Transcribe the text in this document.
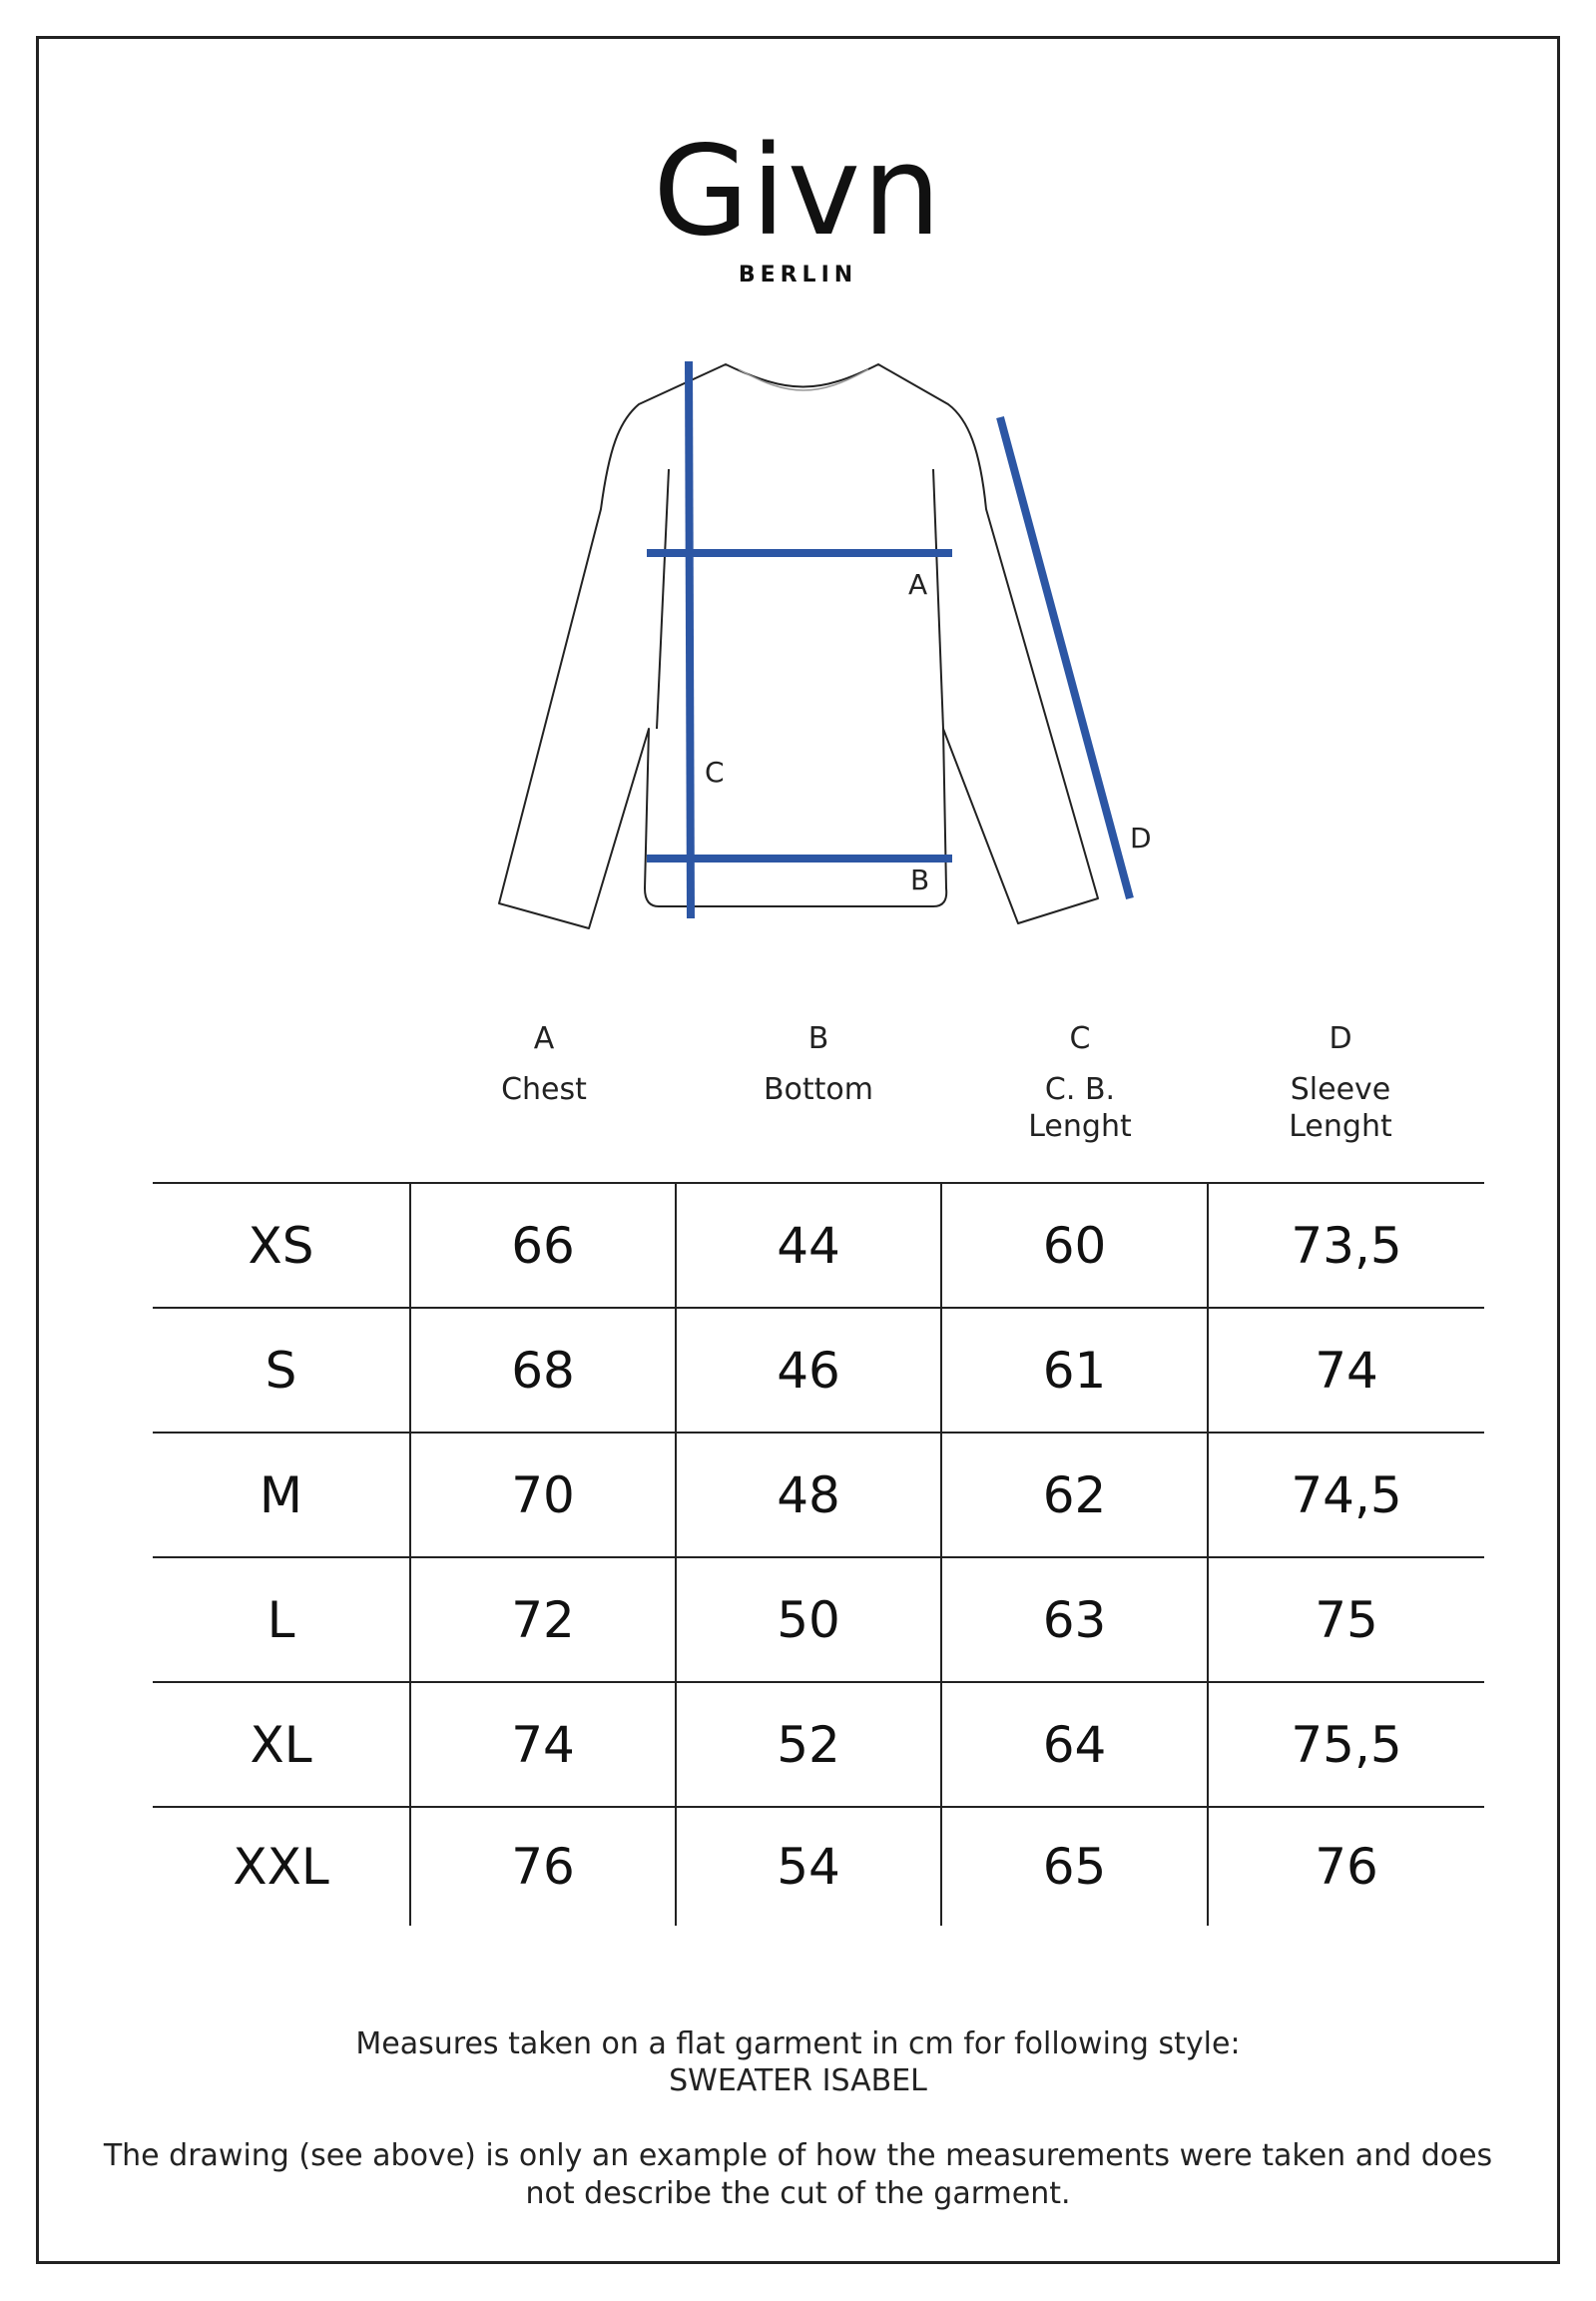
Givn
BERLIN
A
B
C
D
A	B	C	D
Chest	Bottom	C. B. Lenght
Sleeve Lenght
XS	66	44	60	73,5
S	68	46	61	74
M	70	48	62	74,5
L	72	50	63	75
XL	74	52	64	75,5
XXL	76	54	65	76
Measures taken on a flat garment in cm for following style:
SWEATER ISABEL
The drawing (see above) is only an example of how the measurements were taken and does
not describe the cut of the garment.
